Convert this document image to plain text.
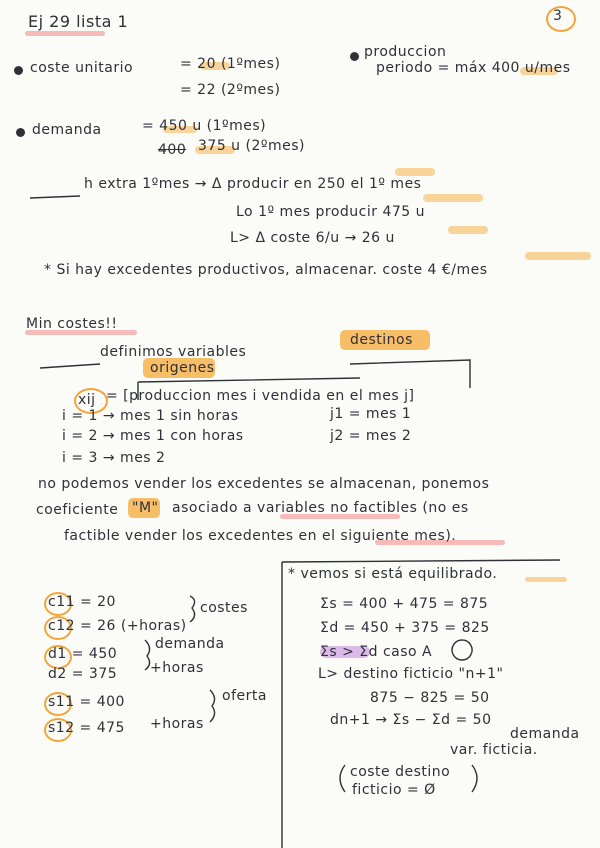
Ej 29 lista 1	3
coste unitario	= 20 (1ºmes)
= 22 (2ºmes)
demanda	= 450 u (1ºmes)
400 375 u (2ºmes)
produccion
periodo = máx 400 u/mes
h extra 1ºmes → Δ producir en 250 el 1º mes
Lo 1º mes producir 475 u
L> Δ coste 6/u → 26 u
* Si hay excedentes productivos, almacenar. coste 4 €/mes
Min costes!!
definimos variables
destinos
origenes
xij = [produccion mes i vendida en el mes j]
i = 1 → mes 1 sin horas
i = 2 → mes 1 con horas
i = 3 → mes 2
j1 = mes 1
j2 = mes 2
no podemos vender los excedentes se almacenan, ponemos
coeficiente "M" asociado a variables no factibles (no es
factible vender los excedentes en el siguiente mes).
c11 = 20
c12 = 26 (+horas)
costes
d1 = 450
d2 = 375
demanda
+horas
s11 = 400
s12 = 475 +horas
oferta
* vemos si está equilibrado.
Σs = 400 + 475 = 875
Σd = 450 + 375 = 825
Σs > Σd caso A
L> destino ficticio "n+1"
875 − 825 = 50
dn+1 → Σs − Σd = 50
demanda
var. ficticia.
coste destino
ficticio = Ø
